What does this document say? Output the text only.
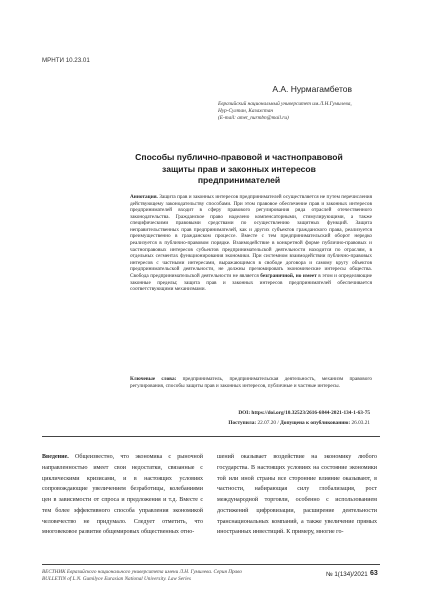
МРНТИ 10.23.01
А.А. Нурмагамбетов
Евразийский национальный университет им.Л.Н.Гумилева,
Нур-Султан, Казахстан
(E-mail: amet_nurmbn@mail.ru)
Способы публично-правовой и частноправовой защиты прав и законных интересов предпринимателей
Аннотация. Защита прав и законных интересов предпринимателей осуществляется не путем перечисления действующему законодательству способами. При этом правовое обеспечение прав и законных интересов предпринимателей входит в сферу правового регулирования ряда отраслей отечественного законодательства. Гражданское право наделено компенсаторными, стимулирующими, а также специфическими правовыми средствами по осуществлению защитных функций. Защита неправительственных прав предпринимателей, как и других субъектов гражданского права, реализуется преимущественно в гражданском процессе. Вместе с тем предпринимательский оборот нередко реализуется в публично-правовом порядке. Взаимодействие в конкретной форме публично-правовых и частноправовых интересов субъектов предпринимательской деятельности находится по отраслям, в отдельных сегментах функционирования экономики. При системном взаимодействии публично-правовых интересов с частными интересами, выражающимся в свободе договора и самому кругу объектов предпринимательской деятельности, не должны презюмировать экономические интересы общества. Свобода предпринимательской деятельности не является безграничной, но имеет в этом и определяющие законные пределы; защита прав и законных интересов предпринимателей обеспечивается соответствующими механизмами.
Ключевые слова: предприниматель, предпринимательская деятельность, механизм правового регулирования, способы защиты прав и законных интересов, публичные и частные интересы.
DOI: https://doi.org/10.32523/2616-6844-2021-134-1-63-75
Поступила: 22.07.20 / Допущена к опубликованию: 26.03.21
Введение. Общеизвестно, что экономика с рыночной направленностью имеет свои недостатки, связанные с циклическими кризисами, и в настоящих условиях сопровождающие увеличением безработицы, колебаниями цен в зависимости от спроса и предложения и т.д. Вместе с тем более эффективного способа управления экономикой человечество не придумало. Следует отметить, что многовековое развитие общемировых общественных отно-
шений оказывает воздействие на экономику любого государства. В настоящих условиях на состояние экономики той или иной страны все сторонние влияние оказывают, в частности, набирающая силу глобализация, рост международной торговли, особенно с использованием достижений цифровизации, расширение деятельности транснациональных компаний, а также увеличение прямых иностранных инвестиций. К примеру, многие го-
ВЕСТНИК Евразийского национального университета имени Л.Н. Гумилева. Серия Право
BULLETIN of L.N. Gumilyov Eurasian National University. Law Series
№ 1(134)/2021 63
